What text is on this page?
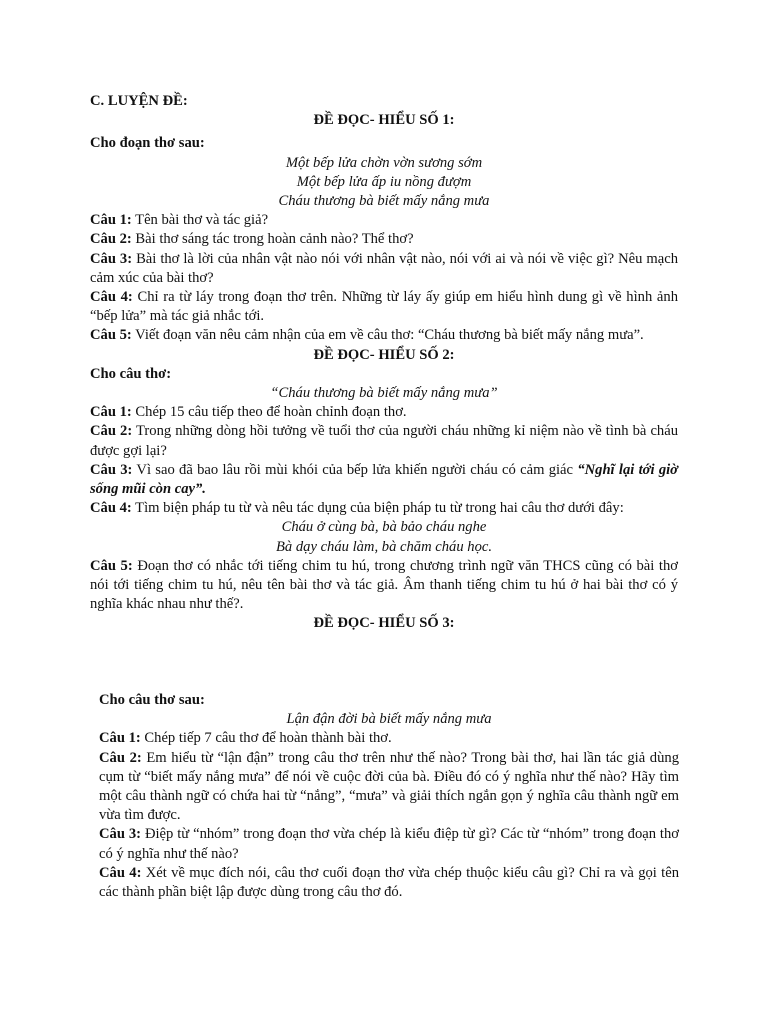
C. LUYỆN ĐỀ:

ĐỀ ĐỌC- HIỂU SỐ 1:

Cho đoạn thơ sau:

Một bếp lửa chờn vờn sương sớm

Một bếp lửa ấp iu nồng đượm

Cháu thương bà biết mấy nắng mưa

Câu 1: Tên bài thơ và tác giả?

Câu 2: Bài thơ sáng tác trong hoàn cảnh nào? Thể thơ?

Câu 3: Bài thơ là lời của nhân vật nào nói với nhân vật nào, nói với ai và nói về việc gì? Nêu mạch cảm xúc của bài thơ?

Câu 4: Chỉ ra từ láy trong đoạn thơ trên. Những từ láy ấy giúp em hiểu hình dung gì về hình ảnh “bếp lửa” mà tác giả nhắc tới.

Câu 5: Viết đoạn văn nêu cảm nhận của em về câu thơ: “Cháu thương bà biết mấy nắng mưa”.

ĐỀ ĐỌC- HIỂU SỐ 2:

Cho câu thơ:

“Cháu thương bà biết mấy nắng mưa”

Câu 1: Chép 15 câu tiếp theo để hoàn chỉnh đoạn thơ.

Câu 2: Trong những dòng hồi tưởng về tuổi thơ của người cháu những kỉ niệm nào về tình bà cháu được gợi lại?

Câu 3: Vì sao đã bao lâu rồi mùi khói của bếp lửa khiến người cháu có cảm giác “Nghĩ lại tới giờ sống mũi còn cay”.

Câu 4: Tìm biện pháp tu từ và nêu tác dụng của biện pháp tu từ trong hai câu thơ dưới đây:

Cháu ở cùng bà, bà bảo cháu nghe

Bà dạy cháu làm, bà chăm cháu học.

Câu 5: Đoạn thơ có nhắc tới tiếng chim tu hú, trong chương trình ngữ văn THCS cũng có bài thơ nói tới tiếng chim tu hú, nêu tên bài thơ và tác giả. Âm thanh tiếng chim tu hú ở hai bài thơ có ý nghĩa khác nhau như thế?.

ĐỀ ĐỌC- HIỂU SỐ 3:

Cho câu thơ sau:

Lận đận đời bà biết mấy nắng mưa

Câu 1: Chép tiếp 7 câu thơ để hoàn thành bài thơ.

Câu 2: Em hiểu từ “lận đận” trong câu thơ trên như thế nào? Trong bài thơ, hai lần tác giả dùng cụm từ “biết mấy nắng mưa” để nói về cuộc đời của bà. Điều đó có ý nghĩa như thế nào? Hãy tìm một câu thành ngữ có chứa hai từ “nắng”, “mưa” và giải thích ngắn gọn ý nghĩa câu thành ngữ em vừa tìm được.

Câu 3: Điệp từ “nhóm” trong đoạn thơ vừa chép là kiểu điệp từ gì? Các từ “nhóm” trong đoạn thơ có ý nghĩa như thế nào?

Câu 4: Xét về mục đích nói, câu thơ cuối đoạn thơ vừa chép thuộc kiểu câu gì? Chỉ ra và gọi tên các thành phần biệt lập được dùng trong câu thơ đó.
